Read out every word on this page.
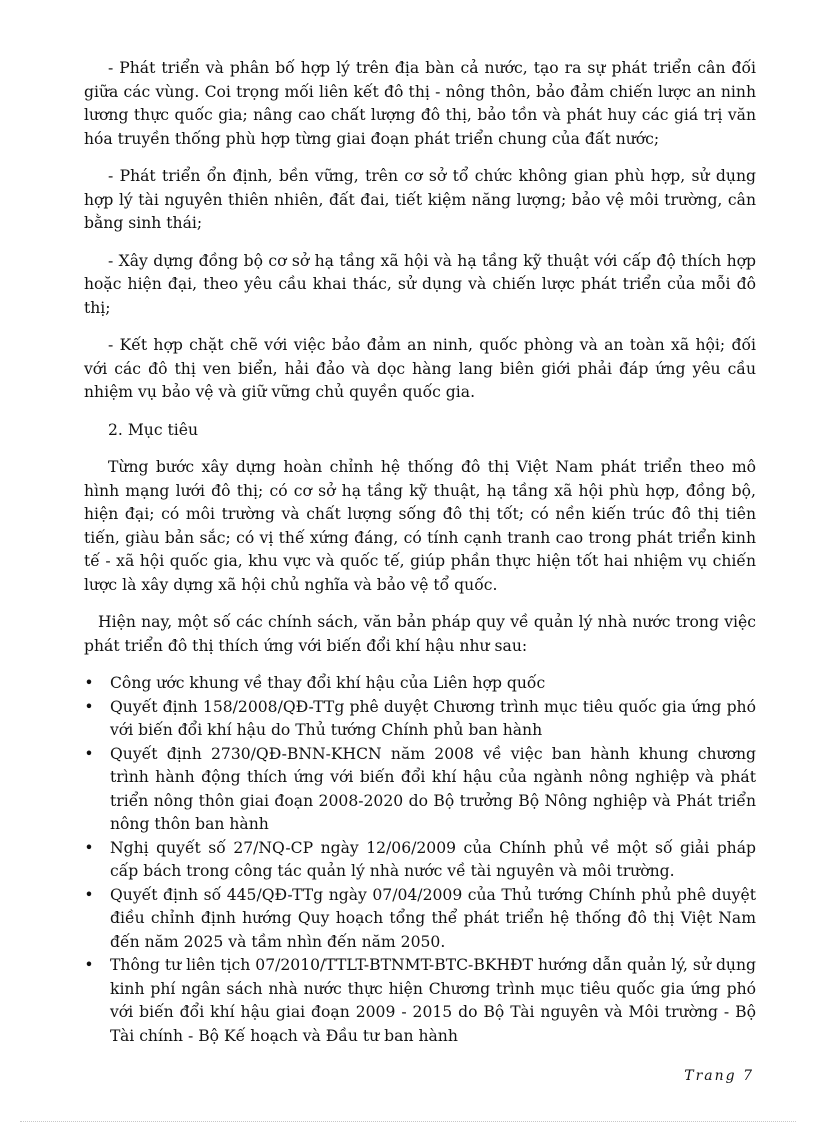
- Phát triển và phân bố hợp lý trên địa bàn cả nước, tạo ra sự phát triển cân đối giữa các vùng. Coi trọng mối liên kết đô thị - nông thôn, bảo đảm chiến lược an ninh lương thực quốc gia; nâng cao chất lượng đô thị, bảo tồn và phát huy các giá trị văn hóa truyền thống phù hợp từng giai đoạn phát triển chung của đất nước;

- Phát triển ổn định, bền vững, trên cơ sở tổ chức không gian phù hợp, sử dụng hợp lý tài nguyên thiên nhiên, đất đai, tiết kiệm năng lượng; bảo vệ môi trường, cân bằng sinh thái;

- Xây dựng đồng bộ cơ sở hạ tầng xã hội và hạ tầng kỹ thuật với cấp độ thích hợp hoặc hiện đại, theo yêu cầu khai thác, sử dụng và chiến lược phát triển của mỗi đô thị;

- Kết hợp chặt chẽ với việc bảo đảm an ninh, quốc phòng và an toàn xã hội; đối với các đô thị ven biển, hải đảo và dọc hàng lang biên giới phải đáp ứng yêu cầu nhiệm vụ bảo vệ và giữ vững chủ quyền quốc gia.

2. Mục tiêu

Từng bước xây dựng hoàn chỉnh hệ thống đô thị Việt Nam phát triển theo mô hình mạng lưới đô thị; có cơ sở hạ tầng kỹ thuật, hạ tầng xã hội phù hợp, đồng bộ, hiện đại; có môi trường và chất lượng sống đô thị tốt; có nền kiến trúc đô thị tiên tiến, giàu bản sắc; có vị thế xứng đáng, có tính cạnh tranh cao trong phát triển kinh tế - xã hội quốc gia, khu vực và quốc tế, giúp phần thực hiện tốt hai nhiệm vụ chiến lược là xây dựng xã hội chủ nghĩa và bảo vệ tổ quốc.

Hiện nay, một số các chính sách, văn bản pháp quy về quản lý nhà nước trong việc phát triển đô thị thích ứng với biến đổi khí hậu như sau:

• Công ước khung về thay đổi khí hậu của Liên hợp quốc
• Quyết định 158/2008/QĐ-TTg phê duyệt Chương trình mục tiêu quốc gia ứng phó với biến đổi khí hậu do Thủ tướng Chính phủ ban hành
• Quyết định 2730/QĐ-BNN-KHCN năm 2008 về việc ban hành khung chương trình hành động thích ứng với biến đổi khí hậu của ngành nông nghiệp và phát triển nông thôn giai đoạn 2008-2020 do Bộ trưởng Bộ Nông nghiệp và Phát triển nông thôn ban hành
• Nghị quyết số 27/NQ-CP ngày 12/06/2009 của Chính phủ về một số giải pháp cấp bách trong công tác quản lý nhà nước về tài nguyên và môi trường.
• Quyết định số 445/QĐ-TTg ngày 07/04/2009 của Thủ tướng Chính phủ phê duyệt điều chỉnh định hướng Quy hoạch tổng thể phát triển hệ thống đô thị Việt Nam đến năm 2025 và tầm nhìn đến năm 2050.
• Thông tư liên tịch 07/2010/TTLT-BTNMT-BTC-BKHĐT hướng dẫn quản lý, sử dụng kinh phí ngân sách nhà nước thực hiện Chương trình mục tiêu quốc gia ứng phó với biến đổi khí hậu giai đoạn 2009 - 2015 do Bộ Tài nguyên và Môi trường - Bộ Tài chính - Bộ Kế hoạch và Đầu tư ban hành
Trang 7
